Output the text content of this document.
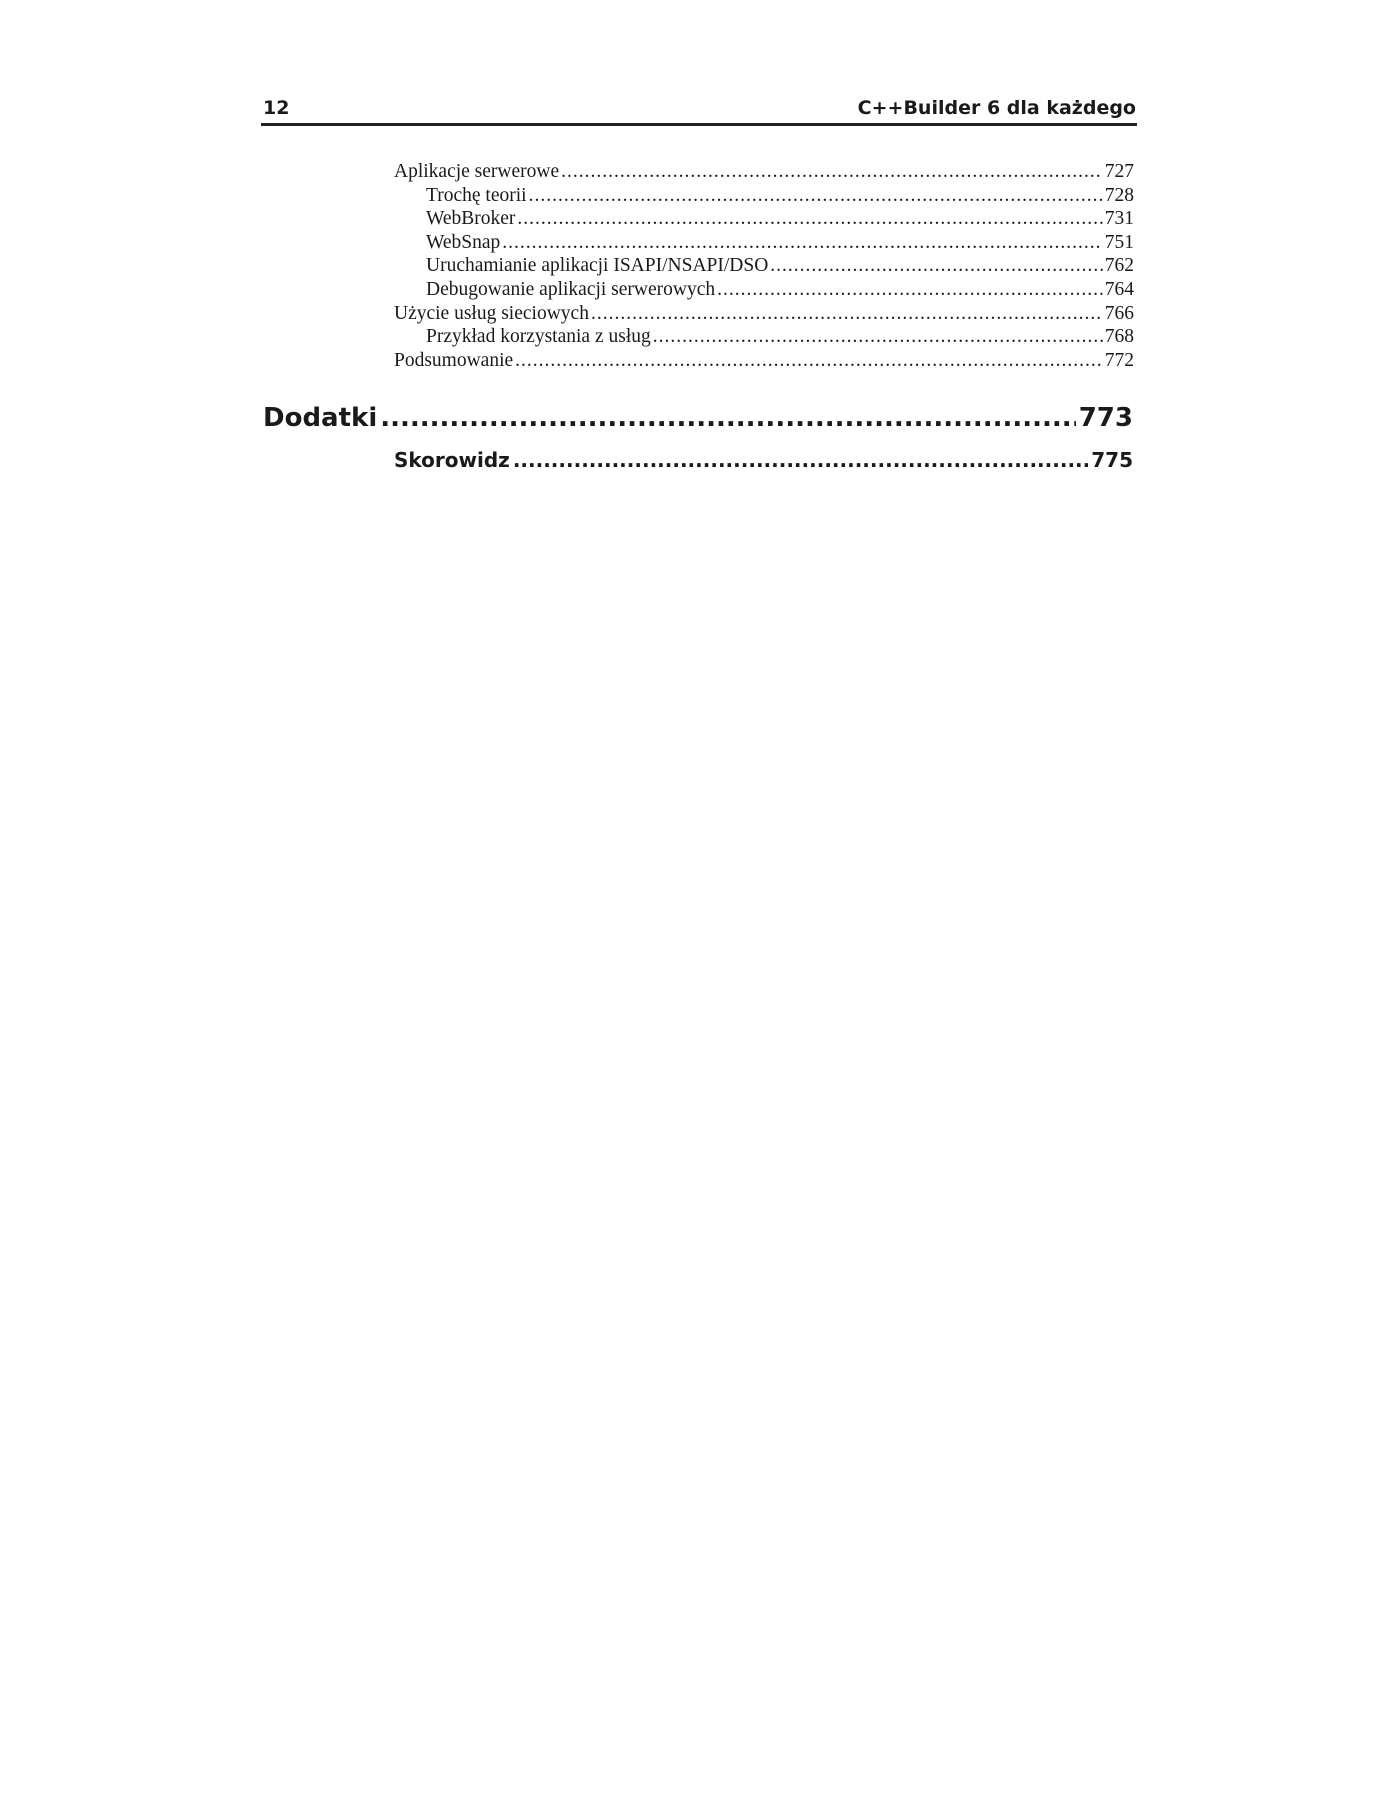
12	C++Builder 6 dla każdego
Aplikacje serwerowe .....	727
Trochę teorii .....	728
WebBroker .....	731
WebSnap .....	751
Uruchamianie aplikacji ISAPI/NSAPI/DSO .....	762
Debugowanie aplikacji serwerowych .....	764
Użycie usług sieciowych .....	766
Przykład korzystania z usług .....	768
Podsumowanie .....	772
Dodatki .....	773
Skorowidz .....	775
